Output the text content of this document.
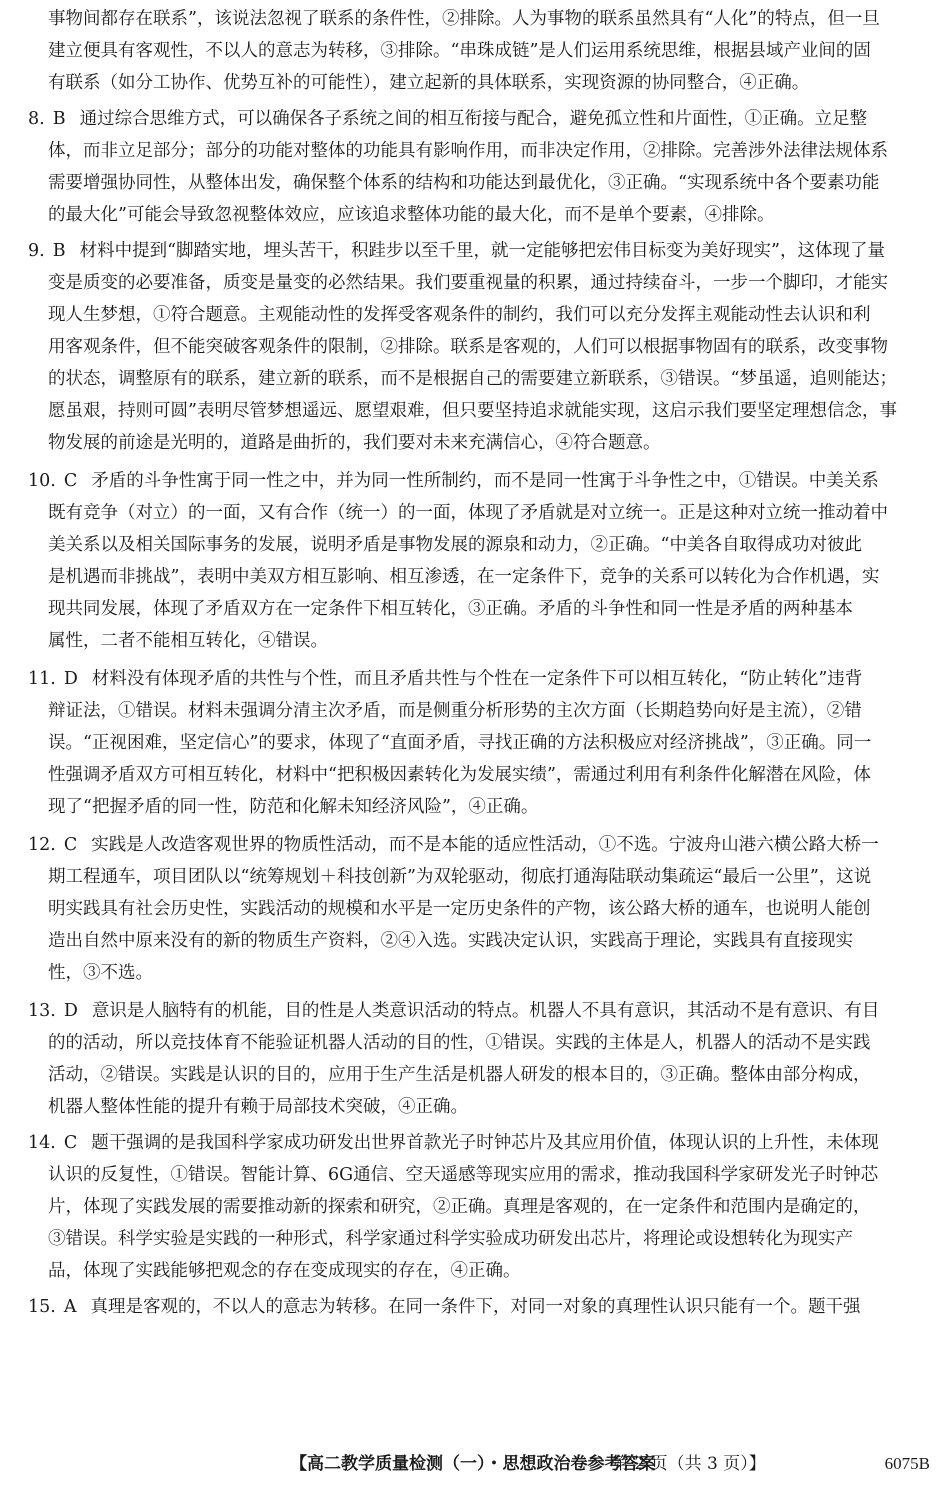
事物间都存在联系”，该说法忽视了联系的条件性，②排除。人为事物的联系虽然具有“人化”的特点，但一旦
建立便具有客观性，不以人的意志为转移，③排除。“串珠成链”是人们运用系统思维，根据县域产业间的固
有联系（如分工协作、优势互补的可能性），建立起新的具体联系，实现资源的协同整合，④正确。
8. B 通过综合思维方式，可以确保各子系统之间的相互衔接与配合，避免孤立性和片面性，①正确。立足整
体，而非立足部分；部分的功能对整体的功能具有影响作用，而非决定作用，②排除。完善涉外法律法规体系
需要增强协同性，从整体出发，确保整个体系的结构和功能达到最优化，③正确。“实现系统中各个要素功能
的最大化”可能会导致忽视整体效应，应该追求整体功能的最大化，而不是单个要素，④排除。
9. B 材料中提到“脚踏实地，埋头苦干，积跬步以至千里，就一定能够把宏伟目标变为美好现实”，这体现了量
变是质变的必要准备，质变是量变的必然结果。我们要重视量的积累，通过持续奋斗，一步一个脚印，才能实
现人生梦想，①符合题意。主观能动性的发挥受客观条件的制约，我们可以充分发挥主观能动性去认识和利
用客观条件，但不能突破客观条件的限制，②排除。联系是客观的，人们可以根据事物固有的联系，改变事物
的状态，调整原有的联系，建立新的联系，而不是根据自己的需要建立新联系，③错误。“梦虽遥，追则能达；
愿虽艰，持则可圆”表明尽管梦想遥远、愿望艰难，但只要坚持追求就能实现，这启示我们要坚定理想信念，事
物发展的前途是光明的，道路是曲折的，我们要对未来充满信心，④符合题意。
10. C 矛盾的斗争性寓于同一性之中，并为同一性所制约，而不是同一性寓于斗争性之中，①错误。中美关系
既有竞争（对立）的一面，又有合作（统一）的一面，体现了矛盾就是对立统一。正是这种对立统一推动着中
美关系以及相关国际事务的发展，说明矛盾是事物发展的源泉和动力，②正确。“中美各自取得成功对彼此
是机遇而非挑战”，表明中美双方相互影响、相互渗透，在一定条件下，竞争的关系可以转化为合作机遇，实
现共同发展，体现了矛盾双方在一定条件下相互转化，③正确。矛盾的斗争性和同一性是矛盾的两种基本
属性，二者不能相互转化，④错误。
11. D 材料没有体现矛盾的共性与个性，而且矛盾共性与个性在一定条件下可以相互转化，“防止转化”违背
辩证法，①错误。材料未强调分清主次矛盾，而是侧重分析形势的主次方面（长期趋势向好是主流），②错
误。“正视困难，坚定信心”的要求，体现了“直面矛盾，寻找正确的方法积极应对经济挑战”，③正确。同一
性强调矛盾双方可相互转化，材料中“把积极因素转化为发展实绩”，需通过利用有利条件化解潜在风险，体
现了“把握矛盾的同一性，防范和化解未知经济风险”，④正确。
12. C 实践是人改造客观世界的物质性活动，而不是本能的适应性活动，①不选。宁波舟山港六横公路大桥一
期工程通车，项目团队以“统筹规划＋科技创新”为双轮驱动，彻底打通海陆联动集疏运“最后一公里”，这说
明实践具有社会历史性，实践活动的规模和水平是一定历史条件的产物，该公路大桥的通车，也说明人能创
造出自然中原来没有的新的物质生产资料，②④入选。实践决定认识，实践高于理论，实践具有直接现实
性，③不选。
13. D 意识是人脑特有的机能，目的性是人类意识活动的特点。机器人不具有意识，其活动不是有意识、有目
的的活动，所以竞技体育不能验证机器人活动的目的性，①错误。实践的主体是人，机器人的活动不是实践
活动，②错误。实践是认识的目的，应用于生产生活是机器人研发的根本目的，③正确。整体由部分构成，
机器人整体性能的提升有赖于局部技术突破，④正确。
14. C 题干强调的是我国科学家成功研发出世界首款光子时钟芯片及其应用价值，体现认识的上升性，未体现
认识的反复性，①错误。智能计算、6G通信、空天遥感等现实应用的需求，推动我国科学家研发光子时钟芯
片，体现了实践发展的需要推动新的探索和研究，②正确。真理是客观的，在一定条件和范围内是确定的，
③错误。科学实验是实践的一种形式，科学家通过科学实验成功研发出芯片，将理论或设想转化为现实产
品，体现了实践能够把观念的存在变成现实的存在，④正确。
15. A 真理是客观的，不以人的意志为转移。在同一条件下，对同一对象的真理性认识只能有一个。题干强
【高二教学质量检测（一）・思想政治卷参考答案
第 2 页（共 3 页）】	6075B
